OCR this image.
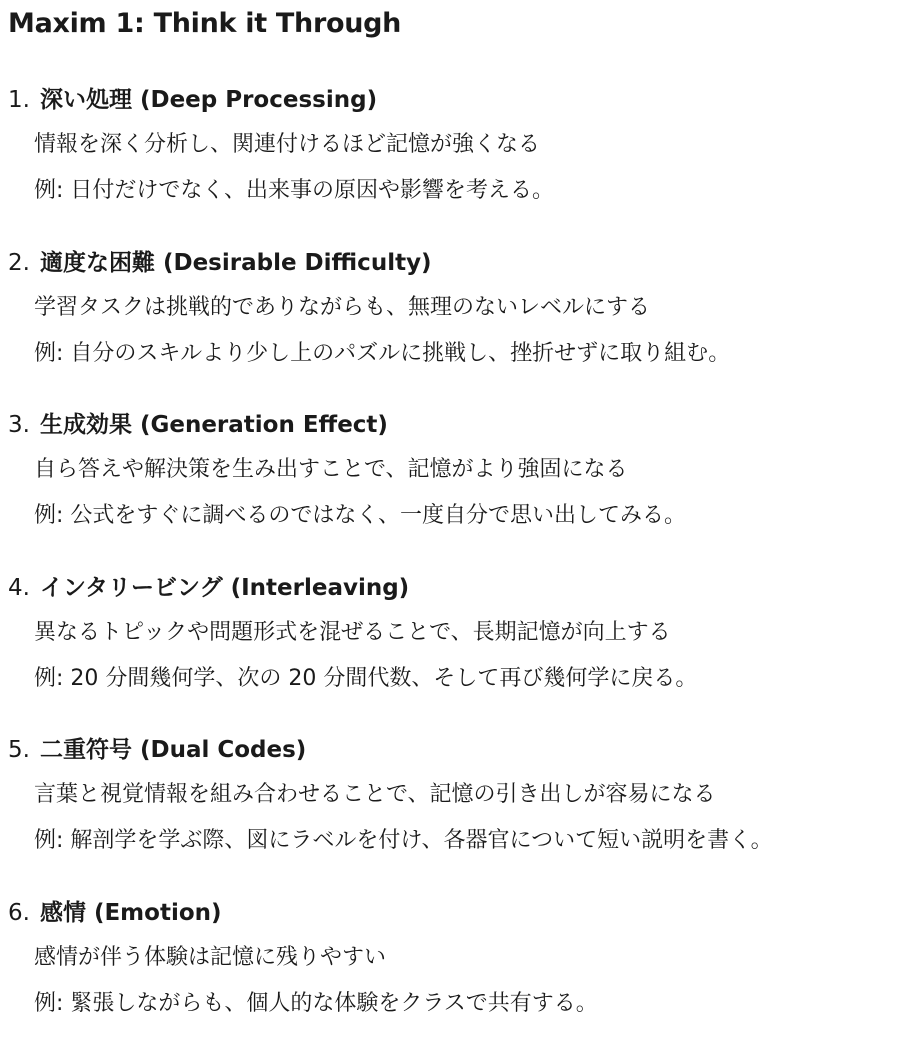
Maxim 1: Think it Through
1. 深い処理 (Deep Processing)
情報を深く分析し、関連付けるほど記憶が強くなる
例: 日付だけでなく、出来事の原因や影響を考える。
2. 適度な困難 (Desirable Difficulty)
学習タスクは挑戦的でありながらも、無理のないレベルにする
例: 自分のスキルより少し上のパズルに挑戦し、挫折せずに取り組む。
3. 生成効果 (Generation Effect)
自ら答えや解決策を生み出すことで、記憶がより強固になる
例: 公式をすぐに調べるのではなく、一度自分で思い出してみる。
4. インタリービング (Interleaving)
異なるトピックや問題形式を混ぜることで、長期記憶が向上する
例: 20 分間幾何学、次の 20 分間代数、そして再び幾何学に戻る。
5. 二重符号 (Dual Codes)
言葉と視覚情報を組み合わせることで、記憶の引き出しが容易になる
例: 解剖学を学ぶ際、図にラベルを付け、各器官について短い説明を書く。
6. 感情 (Emotion)
感情が伴う体験は記憶に残りやすい
例: 緊張しながらも、個人的な体験をクラスで共有する。
